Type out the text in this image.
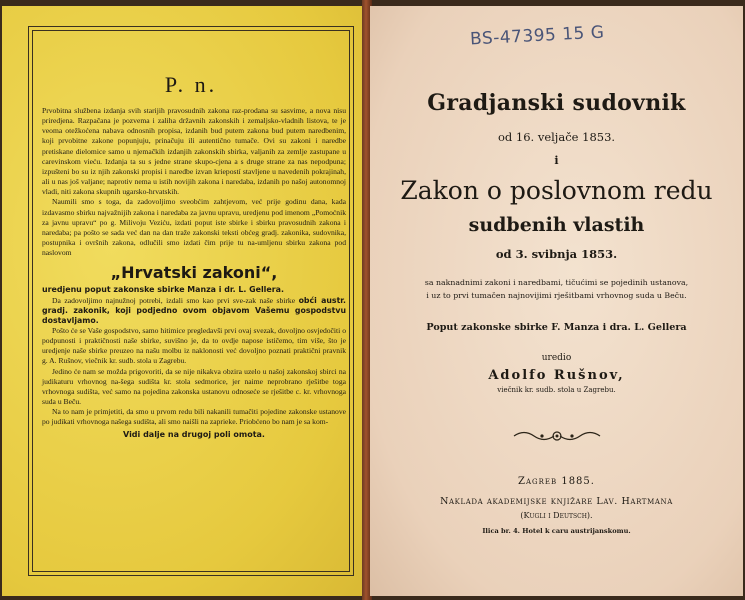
P. n.

Prvobitna službena izdanja svih starijih pravosudnih zakona raz-prodana su sasvime, a nova nisu priredjena. Razpačana je pozvema i zaliha državnih zakonskih i zemaljsko-vladnih listova, te je veoma otežkoćena nabava odnosnih propisa, izdanih bud putem zakona bud putem naredbenim, koji prvobitne zakone popunjuju, prinačuju ili autentično tumače. Ovi su zakoni i naredbe pretiskane dielomice samo u njemačkih izdanjih zakonskih sbirka, valjanih za zemlje zastupane u carevinskom vieću. Izdanja ta su s jedne strane skupo-cjena a s druge strane za nas nepodpuna; izpušteni bo su iz njih zakonski propisi i naredbe izvan kriepostí stavljene u navedenih pokrajinah, ali u nas još valjane; naprotiv nema u istih novijih zakona i naredaba, izdanih po našoj autonomnoj vladi, niti zakona skupnih ugarsko-hrvatskih.

Naumili smo s toga, da zadovoljimo sveobćim zahtjevom, već prije godinu dana, kada izdavasmo sbirku najvažnijih zakona i naredaba za javnu upravu, uredjenu pod imenom „Pomoćnik za javnu upravu“ po g. Milivoju Veziću, izdati poput iste sbirke i sbirku pravosudnih zakona i naredaba; pa pošto se sada već dan na dan traže zakonski teksti obćeg gradj. zakonika, sudovnika, postupnika i ovršnih zakona, odlučili smo izdati čim prije tu na-umljenu sbirku zakona pod naslovom

„Hrvatski zakoni“,

uredjenu poput zakonske sbirke Manza i dr. L. Gellera.

Da zadovoljimo najnužnoj potrebi, izdali smo kao prvi sve-zak naše sbirke obći austr. gradj. zakonik, koji podjedno ovom objavom Vašemu gospodstvu dostavljamo.

Pošto će se Vaše gospodstvo, samo hitimice pregledavši prvi ovaj svezak, dovoljno osvjedočiti o podpunosti i praktičnosti naše sbirke, suvišno je, da to ovdje napose ističemo, tim više, što je uredjenje naše sbirke preuzeo na našu molbu iz naklonosti već dovoljno poznati praktični pravnik g. A. Rušnov, viečnik kr. sudb. stola u Zagrebu.

Jedino će nam se možda prigovoriti, da se nije nikakva obzira uzelo u našoj zakonskoj sbirci na judikaturu vrhovnog na-šega sudišta kr. stola sedmorice, jer naime neprobrano rješitbe toga vrhovnoga sudišta, već samo na pojedina zakonska ustanovu odnoseće se rješitbe c. kr. vrhovnoga suda u Beču.

Na to nam je primjetiti, da smo u prvom redu bili nakanili tumačiti pojedine zakonske ustanove po judikati vrhovnoga našega sudišta, ali smo naišli na zaprieke. Priobćeno bo nam je sa kom-

Vidi dalje na drugoj poli omota.
BS-47395 15 G
Gradjanski sudovnik
od 16. veljače 1853.
i
Zakon o poslovnom redu
sudbenih vlastih
od 3. svibnja 1853.
sa naknadnimi zakoni i naredbami, tičućimi se pojedinih ustanova,
i uz to prvi tumačen najnovijimi rješitbami vrhovnog suda u Beču.
Poput zakonske sbirke F. Manza i dra. L. Gellera
uredio
Adolfo Rušnov,
viečnik kr. sudb. stola u Zagrebu.
Zagreb 1885.
Naklada akademijske knjižare Lav. Hartmana
(Kugli i Deutsch).
Ilica br. 4. Hotel k caru austrijanskomu.
